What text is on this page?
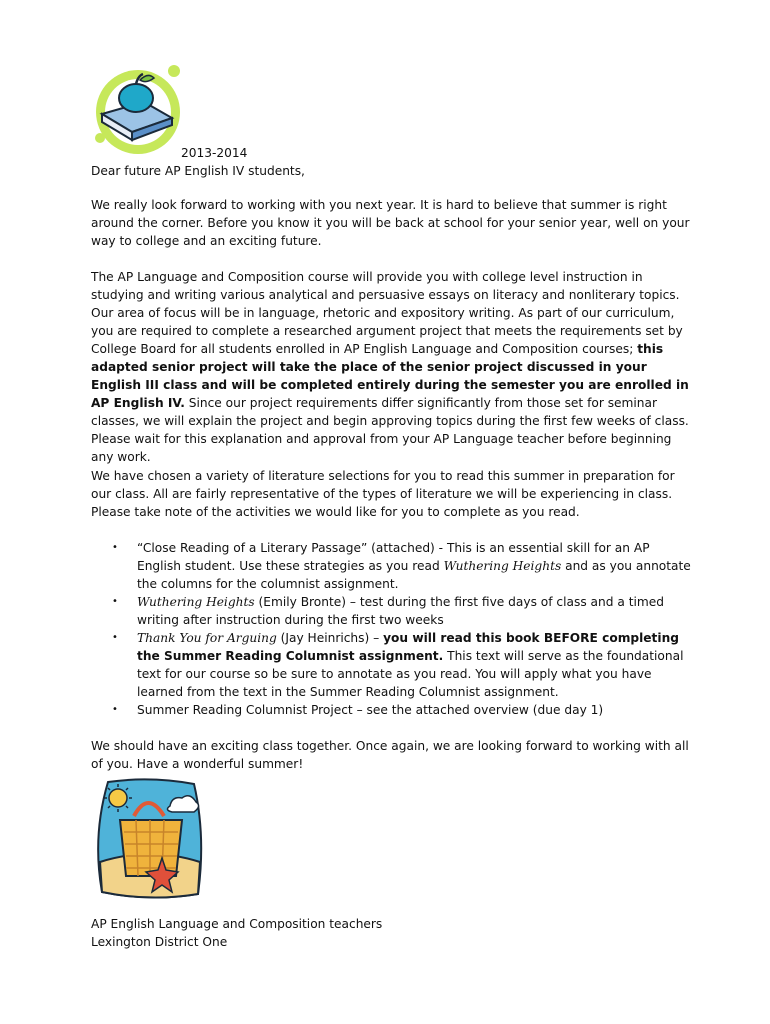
2013-2014
Dear future AP English IV students,
We really look forward to working with you next year. It is hard to believe that summer is right around the corner. Before you know it you will be back at school for your senior year, well on your way to college and an exciting future.
The AP Language and Composition course will provide you with college level instruction in studying and writing various analytical and persuasive essays on literacy and nonliterary topics. Our area of focus will be in language, rhetoric and expository writing. As part of our curriculum, you are required to complete a researched argument project that meets the requirements set by College Board for all students enrolled in AP English Language and Composition courses; this adapted senior project will take the place of the senior project discussed in your English III class and will be completed entirely during the semester you are enrolled in AP English IV. Since our project requirements differ significantly from those set for seminar classes, we will explain the project and begin approving topics during the first few weeks of class. Please wait for this explanation and approval from your AP Language teacher before beginning any work.
We have chosen a variety of literature selections for you to read this summer in preparation for our class. All are fairly representative of the types of literature we will be experiencing in class. Please take note of the activities we would like for you to complete as you read.
• “Close Reading of a Literary Passage” (attached) - This is an essential skill for an AP English student. Use these strategies as you read Wuthering Heights and as you annotate the columns for the columnist assignment.
• Wuthering Heights (Emily Bronte) – test during the first five days of class and a timed writing after instruction during the first two weeks
• Thank You for Arguing (Jay Heinrichs) – you will read this book BEFORE completing the Summer Reading Columnist assignment. This text will serve as the foundational text for our course so be sure to annotate as you read. You will apply what you have learned from the text in the Summer Reading Columnist assignment.
• Summer Reading Columnist Project – see the attached overview (due day 1)
We should have an exciting class together. Once again, we are looking forward to working with all of you. Have a wonderful summer!
AP English Language and Composition teachers
Lexington District One
